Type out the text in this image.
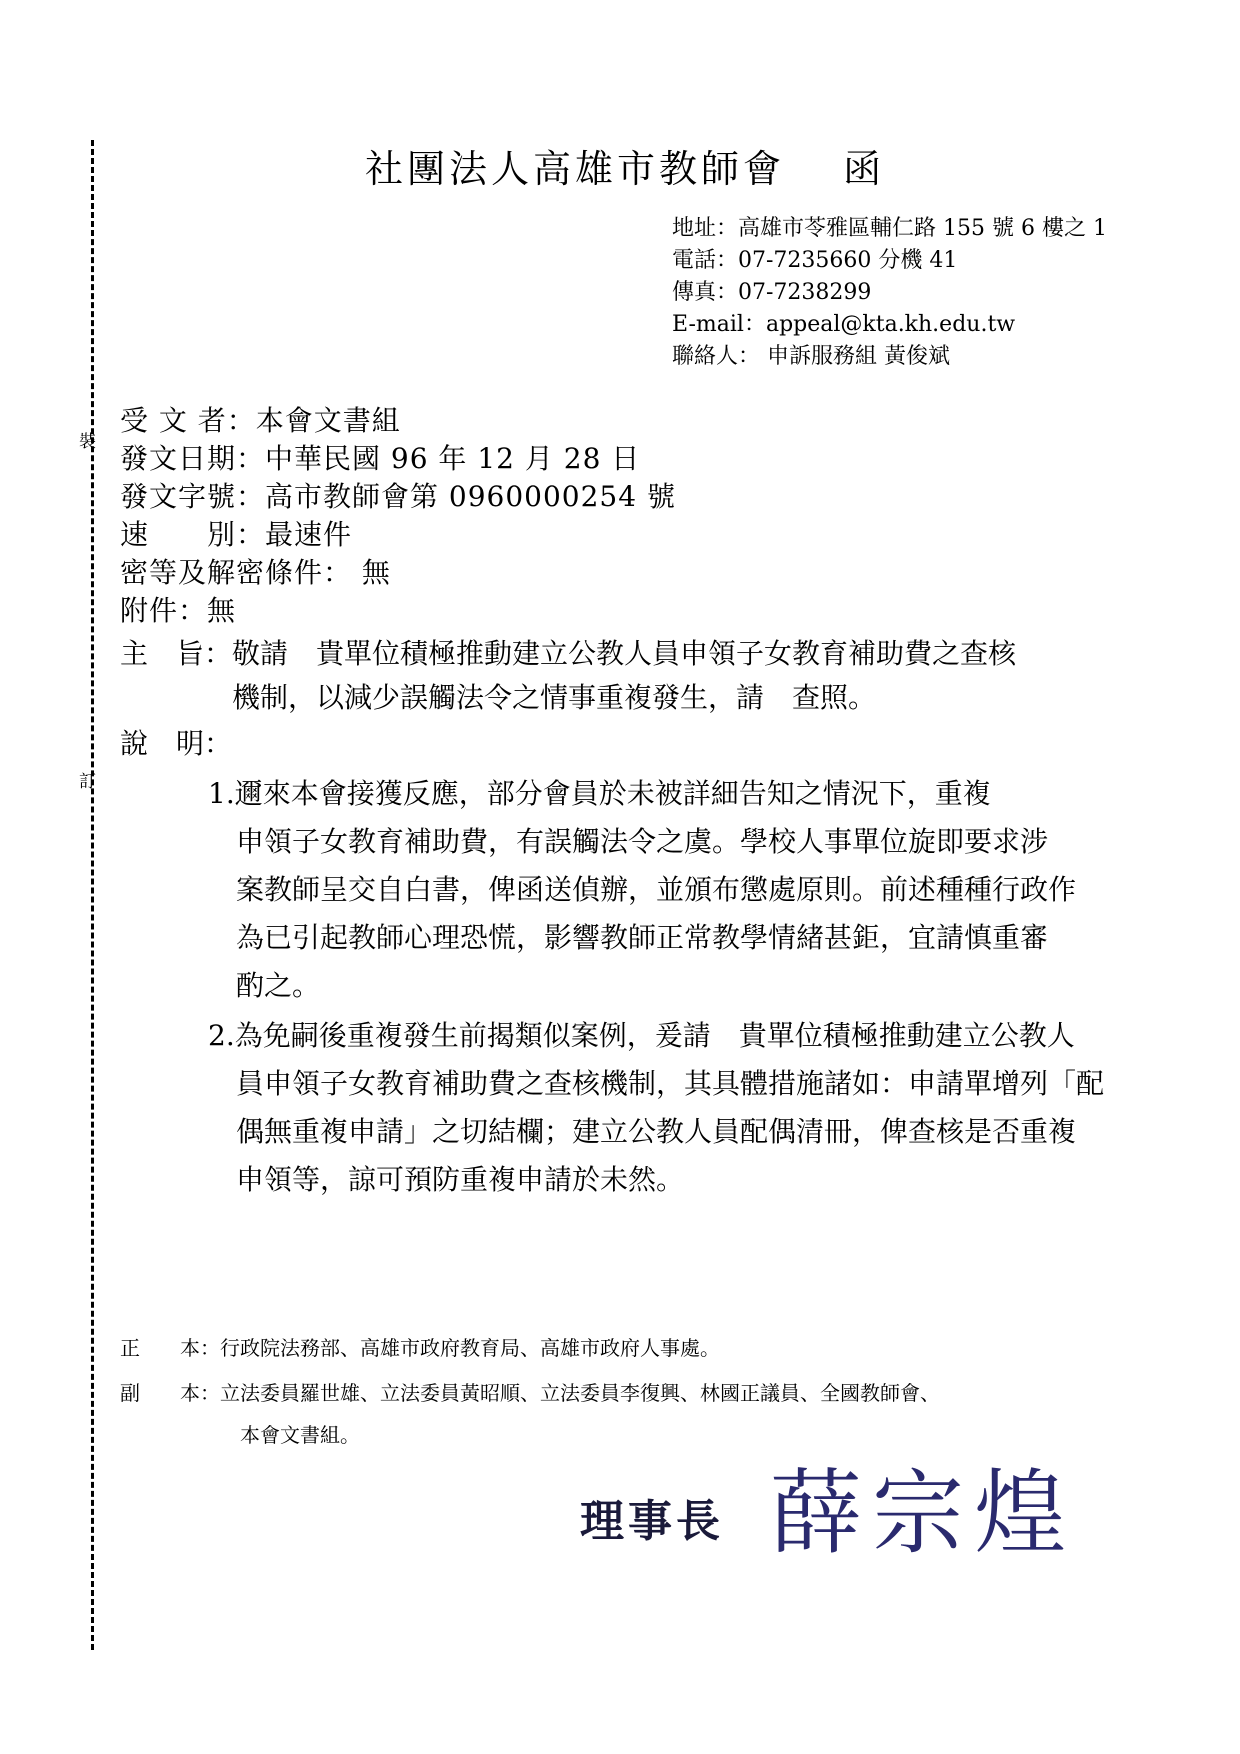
裝
訂
社團法人高雄市教師會　 函
地址：高雄市苓雅區輔仁路 155 號 6 樓之 1
電話：07-7235660 分機 41
傳真：07-7238299
E-mail：appeal@kta.kh.edu.tw
聯絡人： 申訴服務組 黃俊斌
受 文 者：本會文書組
發文日期：中華民國 96 年 12 月 28 日
發文字號：高市教師會第 0960000254 號
速　　別：最速件
密等及解密條件： 無
附件：無
主　旨：敬請　貴單位積極推動建立公教人員申領子女教育補助費之查核
機制，以減少誤觸法令之情事重複發生，請　查照。
說　明：
1.邇來本會接獲反應，部分會員於未被詳細告知之情況下，重複
申領子女教育補助費，有誤觸法令之虞。學校人事單位旋即要求涉
案教師呈交自白書，俾函送偵辦，並頒布懲處原則。前述種種行政作
為已引起教師心理恐慌，影響教師正常教學情緒甚鉅，宜請慎重審
酌之。
2.為免嗣後重複發生前揭類似案例，爰請　貴單位積極推動建立公教人
員申領子女教育補助費之查核機制，其具體措施諸如：申請單增列「配
偶無重複申請」之切結欄；建立公教人員配偶清冊，俾查核是否重複
申領等，諒可預防重複申請於未然。
正　　本：行政院法務部、高雄市政府教育局、高雄市政府人事處。
副　　本：立法委員羅世雄、立法委員黃昭順、立法委員李復興、林國正議員、全國教師會、
本會文書組。
理事長 薛宗煌
